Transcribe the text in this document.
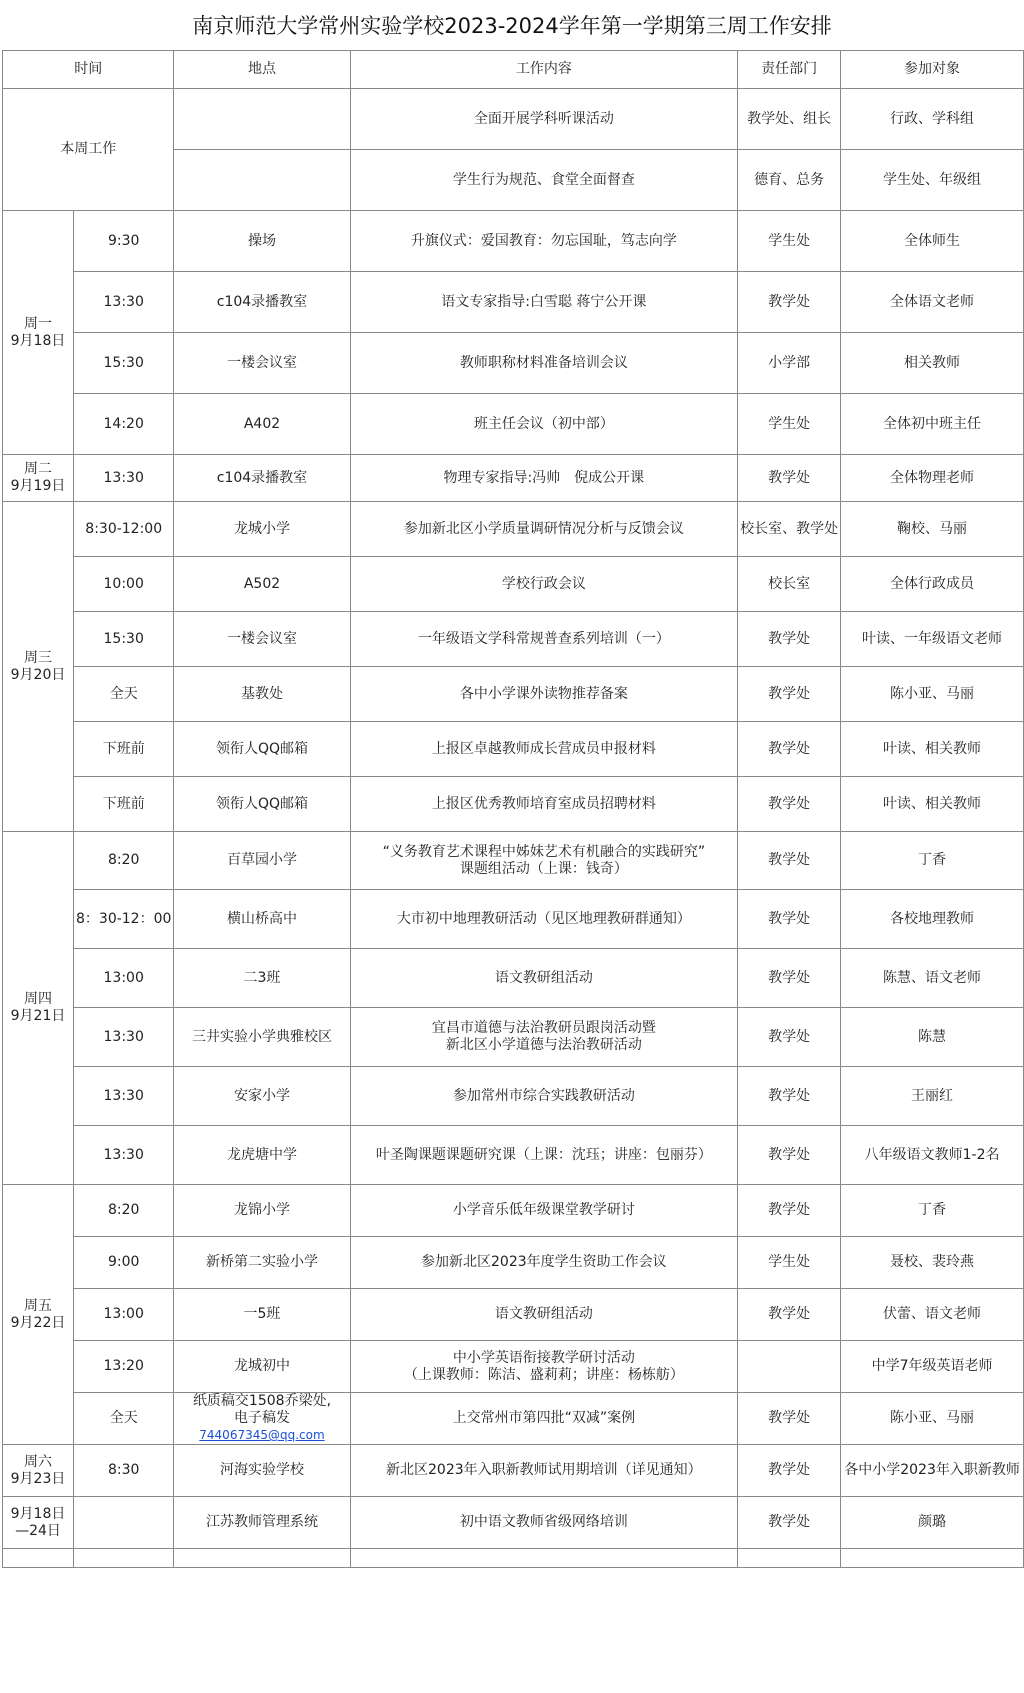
南京师范大学常州实验学校2023-2024学年第一学期第三周工作安排
时间		地点	工作内容	责任部门	参加对象

本周工作			全面开展学科听课活动	教学处、组长	行政、学科组

			学生行为规范、食堂全面督查	德育、总务	学生处、年级组

周一
9月18日	9:30	操场	升旗仪式：爱国教育：勿忘国耻，笃志向学	学生处	全体师生

	13:30	c104录播教室	语文专家指导:白雪聪 蒋宁公开课	教学处	全体语文老师

	15:30	一楼会议室	教师职称材料准备培训会议	小学部	相关教师

	14:20	A402	班主任会议（初中部）	学生处	全体初中班主任

周二
9月19日	13:30	c104录播教室	物理专家指导:冯帅　倪成公开课	教学处	全体物理老师

周三
9月20日	8:30-12:00	龙城小学	参加新北区小学质量调研情况分析与反馈会议	校长室、教学处	鞠校、马丽

	10:00	A502	学校行政会议	校长室	全体行政成员

	15:30	一楼会议室	一年级语文学科常规普查系列培训（一）	教学处	叶读、一年级语文老师

	全天	基教处	各中小学课外读物推荐备案	教学处	陈小亚、马丽

	下班前	领衔人QQ邮箱	上报区卓越教师成长营成员申报材料	教学处	叶读、相关教师

	下班前	领衔人QQ邮箱	上报区优秀教师培育室成员招聘材料	教学处	叶读、相关教师

周四
9月21日	8:20	百草园小学	“义务教育艺术课程中姊妹艺术有机融合的实践研究”
课题组活动（上课：钱奇）	教学处	丁香

	8：30-12：00	横山桥高中	大市初中地理教研活动（见区地理教研群通知）	教学处	各校地理教师

	13:00	二3班	语文教研组活动	教学处	陈慧、语文老师

	13:30	三井实验小学典雅校区	宜昌市道德与法治教研员跟岗活动暨
新北区小学道德与法治教研活动	教学处	陈慧

	13:30	安家小学	参加常州市综合实践教研活动	教学处	王丽红

	13:30	龙虎塘中学	叶圣陶课题课题研究课（上课：沈珏；讲座：包丽芬）	教学处	八年级语文教师1-2名

周五
9月22日	8:20	龙锦小学	小学音乐低年级课堂教学研讨	教学处	丁香

	9:00	新桥第二实验小学	参加新北区2023年度学生资助工作会议	学生处	聂校、裴玲燕

	13:00	一5班	语文教研组活动	教学处	伏蕾、语文老师

	13:20	龙城初中	中小学英语衔接教学研讨活动
（上课教师：陈洁、盛莉莉；讲座：杨栋舫）		中学7年级英语老师

	全天	纸质稿交1508乔梁处,
电子稿发744067345@qq.com	上交常州市第四批“双减”案例	教学处	陈小亚、马丽

周六
9月23日	8:30	河海实验学校	新北区2023年入职新教师试用期培训（详见通知）	教学处	各中小学2023年入职新教师

9月18日
—24日		江苏教师管理系统	初中语文教师省级网络培训	教学处	颜璐
